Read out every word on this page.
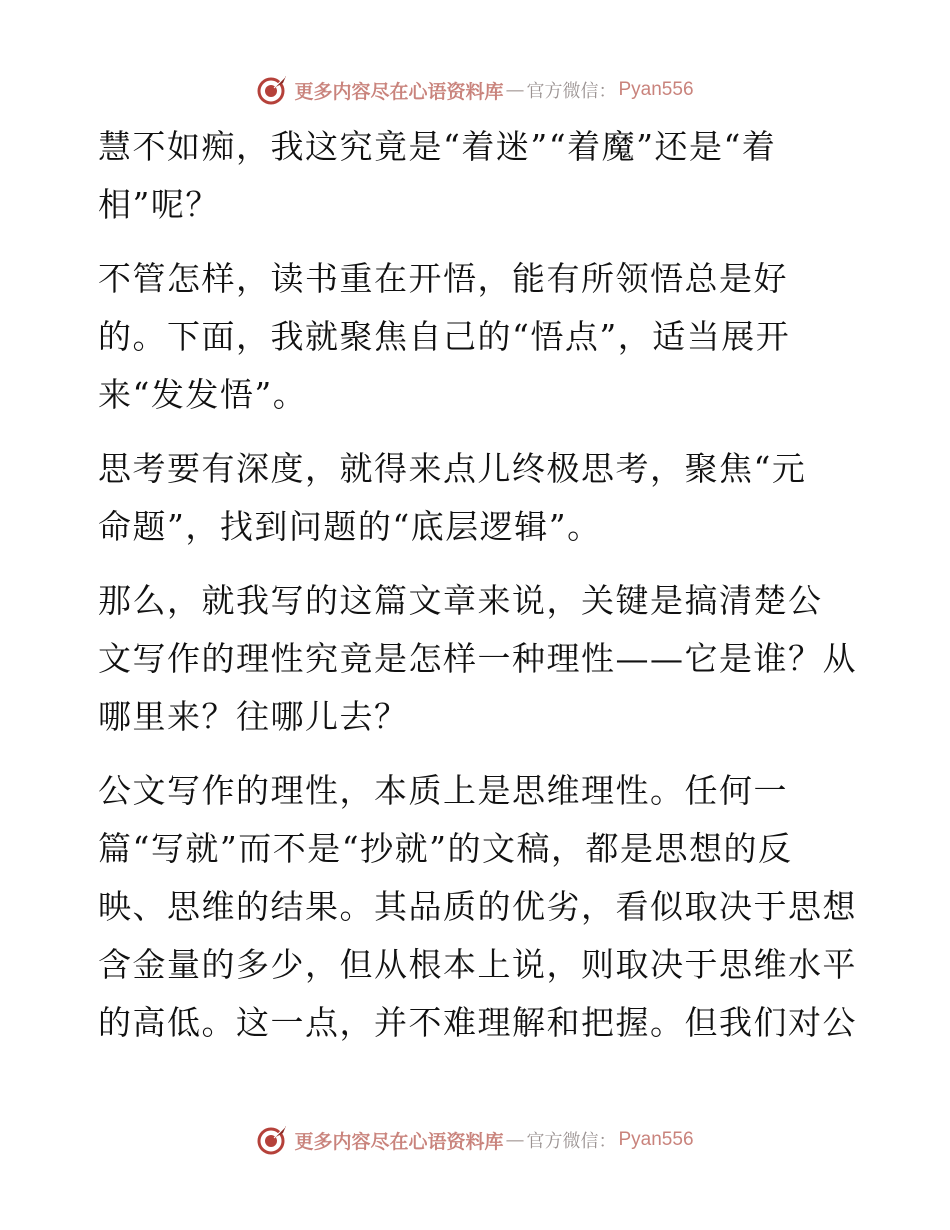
更多内容尽在心语资料库 — 官方微信： Pyan556

慧不如痴，我这究竟是“着迷”“着魔”还是“着
相”呢？

不管怎样，读书重在开悟，能有所领悟总是好
的。下面，我就聚焦自己的“悟点”，适当展开
来“发发悟”。

思考要有深度，就得来点儿终极思考，聚焦“元
命题”，找到问题的“底层逻辑”。

那么，就我写的这篇文章来说，关键是搞清楚公
文写作的理性究竟是怎样一种理性——它是谁？从
哪里来？往哪儿去？

公文写作的理性，本质上是思维理性。任何一
篇“写就”而不是“抄就”的文稿，都是思想的反
映、思维的结果。其品质的优劣，看似取决于思想
含金量的多少，但从根本上说，则取决于思维水平
的高低。这一点，并不难理解和把握。但我们对公

更多内容尽在心语资料库 — 官方微信： Pyan556
